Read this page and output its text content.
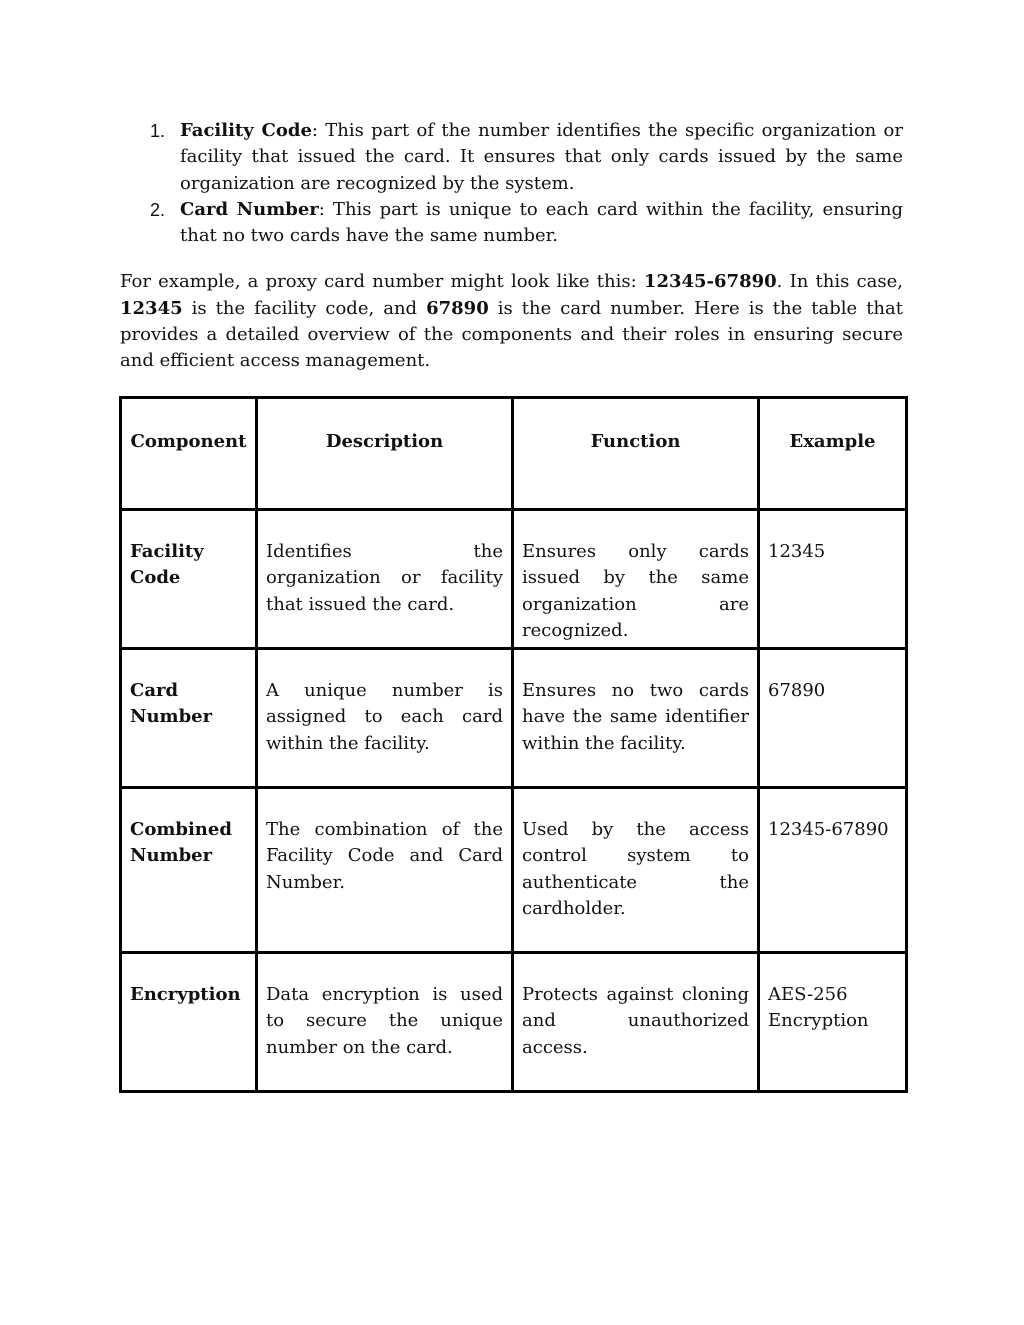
1. Facility Code: This part of the number identifies the specific organization or facility that issued the card. It ensures that only cards issued by the same organization are recognized by the system.
2. Card Number: This part is unique to each card within the facility, ensuring that no two cards have the same number.

For example, a proxy card number might look like this: 12345-67890. In this case, 12345 is the facility code, and 67890 is the card number. Here is the table that provides a detailed overview of the components and their roles in ensuring secure and efficient access management.

Component	Description	Function	Example
Facility Code	Identifies the organization or facility that issued the card.	Ensures only cards issued by the same organization are recognized.	12345
Card Number	A unique number is assigned to each card within the facility.	Ensures no two cards have the same identifier within the facility.	67890
Combined Number	The combination of the Facility Code and Card Number.	Used by the access control system to authenticate the cardholder.	12345-67890
Encryption	Data encryption is used to secure the unique number on the card.	Protects against cloning and unauthorized access.	AES-256 Encryption
